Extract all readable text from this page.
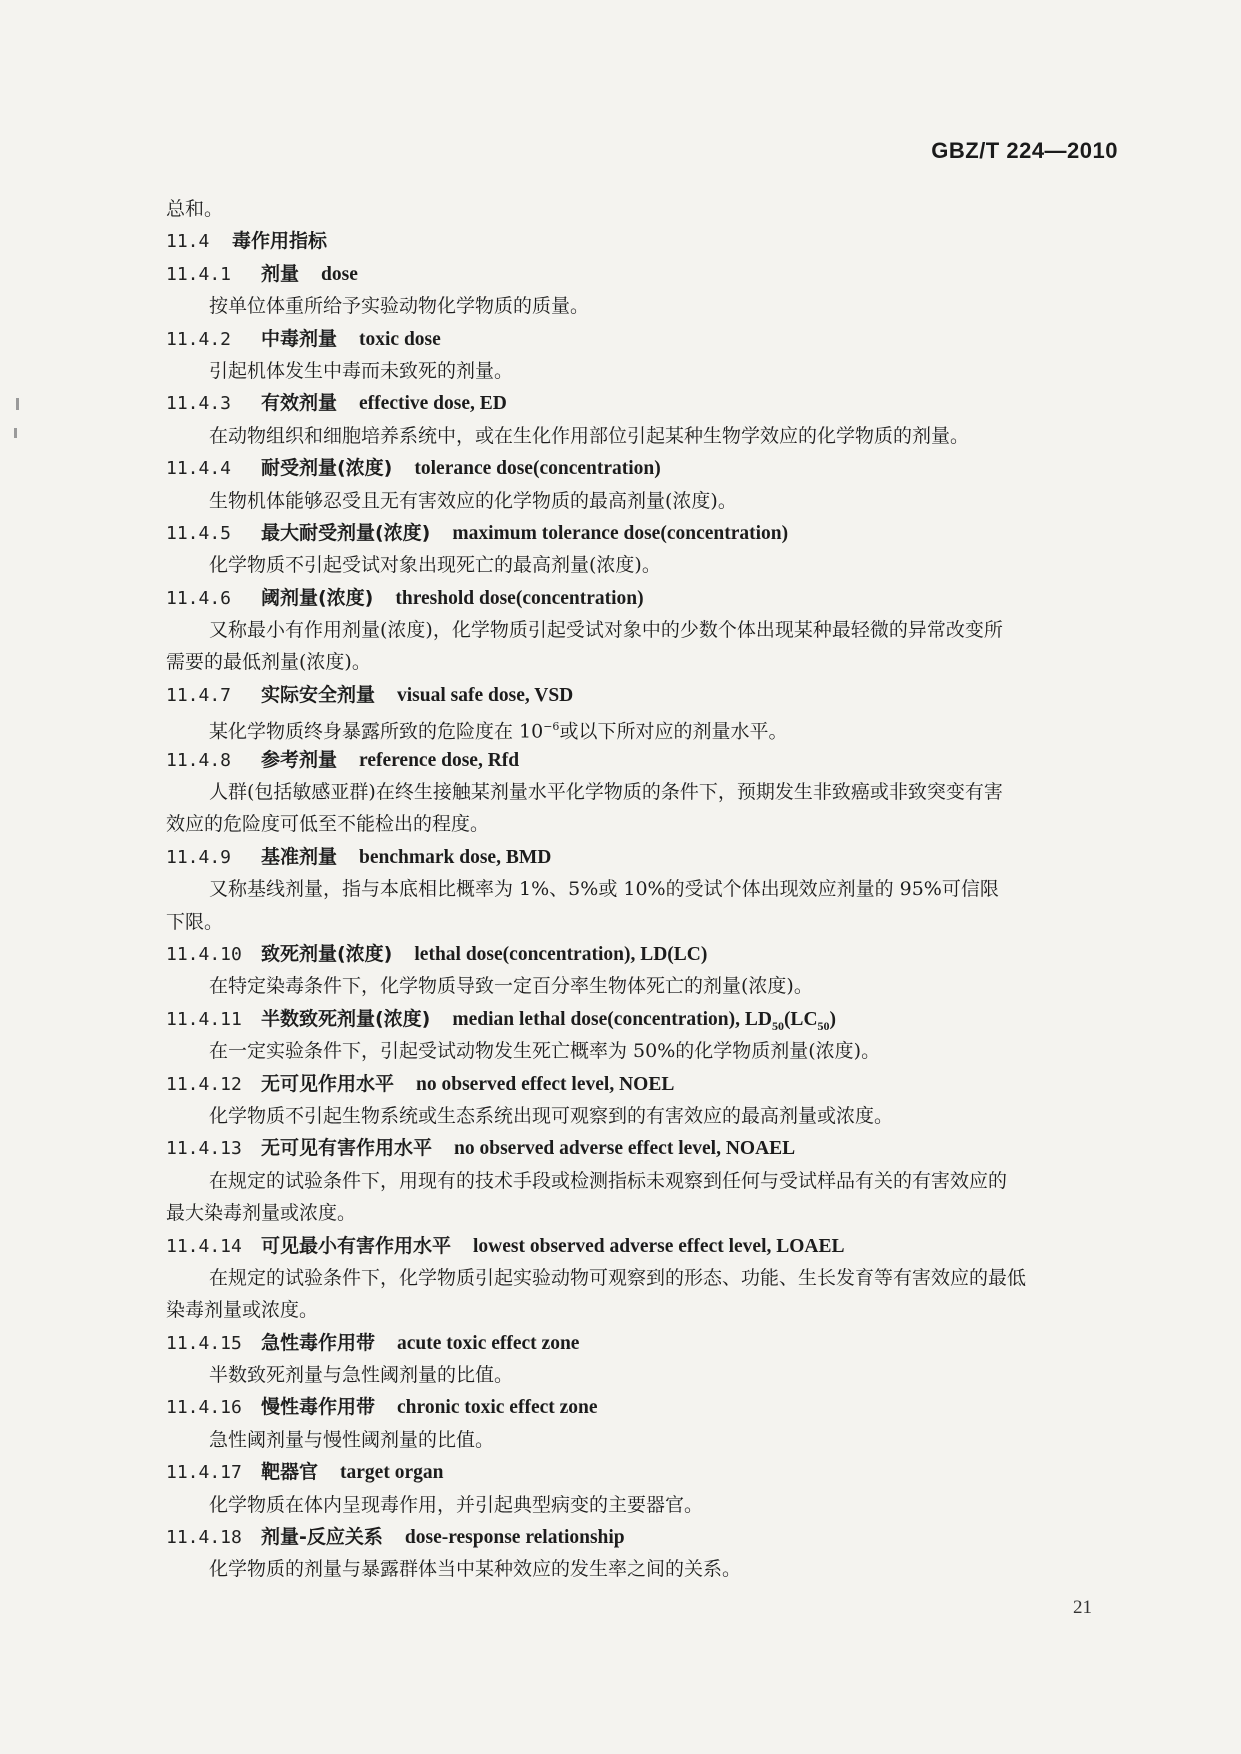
GBZ/T 224—2010
总和。
11.4 毒作用指标
11.4.1 剂量 dose
按单位体重所给予实验动物化学物质的质量。
11.4.2 中毒剂量 toxic dose
引起机体发生中毒而未致死的剂量。
11.4.3 有效剂量 effective dose, ED
在动物组织和细胞培养系统中，或在生化作用部位引起某种生物学效应的化学物质的剂量。
11.4.4 耐受剂量(浓度) tolerance dose(concentration)
生物机体能够忍受且无有害效应的化学物质的最高剂量(浓度)。
11.4.5 最大耐受剂量(浓度) maximum tolerance dose(concentration)
化学物质不引起受试对象出现死亡的最高剂量(浓度)。
11.4.6 阈剂量(浓度) threshold dose(concentration)
又称最小有作用剂量(浓度)，化学物质引起受试对象中的少数个体出现某种最轻微的异常改变所
需要的最低剂量(浓度)。
11.4.7 实际安全剂量 visual safe dose, VSD
某化学物质终身暴露所致的危险度在 $10^{-6}$或以下所对应的剂量水平。
11.4.8 参考剂量 reference dose, Rfd
人群(包括敏感亚群)在终生接触某剂量水平化学物质的条件下，预期发生非致癌或非致突变有害
效应的危险度可低至不能检出的程度。
11.4.9 基准剂量 benchmark dose, BMD
又称基线剂量，指与本底相比概率为 1%、5%或 10%的受试个体出现效应剂量的 95%可信限
下限。
11.4.10 致死剂量(浓度) lethal dose(concentration), LD(LC)
在特定染毒条件下，化学物质导致一定百分率生物体死亡的剂量(浓度)。
11.4.11 半数致死剂量(浓度) median lethal dose(concentration), $LD_{50}(LC_{50})$
在一定实验条件下，引起受试动物发生死亡概率为 50%的化学物质剂量(浓度)。
11.4.12 无可见作用水平 no observed effect level, NOEL
化学物质不引起生物系统或生态系统出现可观察到的有害效应的最高剂量或浓度。
11.4.13 无可见有害作用水平 no observed adverse effect level, NOAEL
在规定的试验条件下，用现有的技术手段或检测指标未观察到任何与受试样品有关的有害效应的
最大染毒剂量或浓度。
11.4.14 可见最小有害作用水平 lowest observed adverse effect level, LOAEL
在规定的试验条件下，化学物质引起实验动物可观察到的形态、功能、生长发育等有害效应的最低
染毒剂量或浓度。
11.4.15 急性毒作用带 acute toxic effect zone
半数致死剂量与急性阈剂量的比值。
11.4.16 慢性毒作用带 chronic toxic effect zone
急性阈剂量与慢性阈剂量的比值。
11.4.17 靶器官 target organ
化学物质在体内呈现毒作用，并引起典型病变的主要器官。
11.4.18 剂量-反应关系 dose-response relationship
化学物质的剂量与暴露群体当中某种效应的发生率之间的关系。
21
